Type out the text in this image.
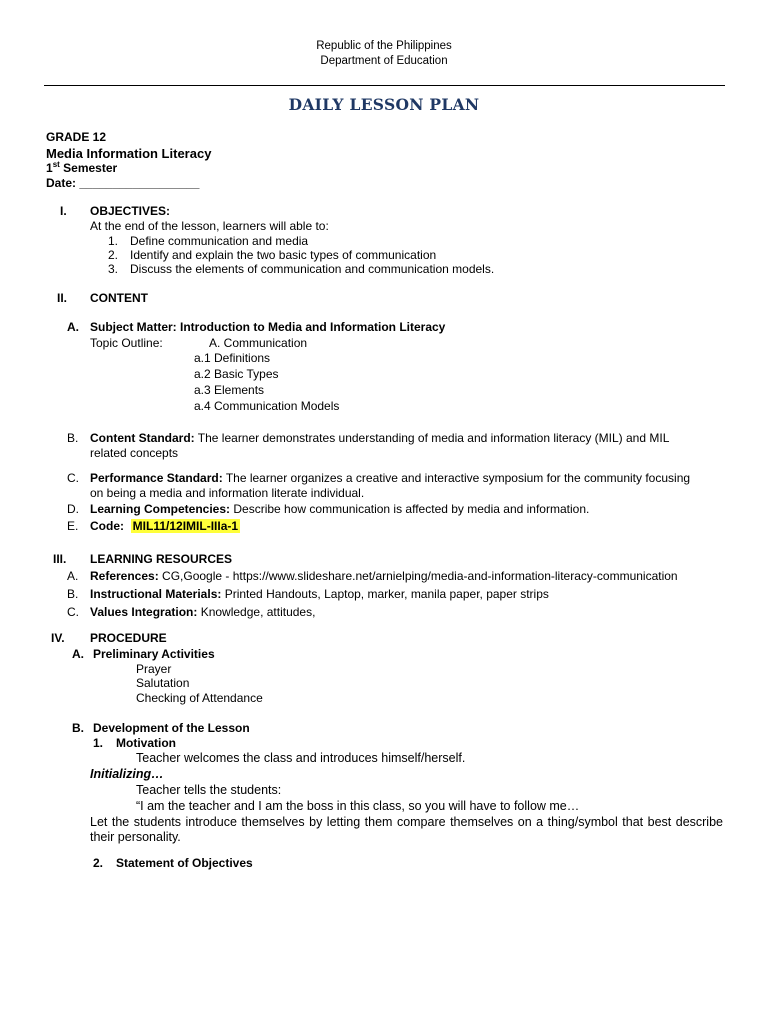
Republic of the Philippines
Department of Education
DAILY LESSON PLAN
GRADE 12
Media Information Literacy
1st Semester
Date: __________________
I. OBJECTIVES:
At the end of the lesson, learners will able to:
1. Define communication and media
2. Identify and explain the two basic types of communication
3. Discuss the elements of communication and communication models.
II. CONTENT
A. Subject Matter: Introduction to Media and Information Literacy
Topic Outline:	A. Communication
a.1 Definitions
a.2 Basic Types
a.3 Elements
a.4 Communication Models
B. Content Standard: The learner demonstrates understanding of media and information literacy (MIL) and MIL
related concepts
C. Performance Standard: The learner organizes a creative and interactive symposium for the community focusing
on being a media and information literate individual.
D. Learning Competencies: Describe how communication is affected by media and information.
E. Code: MIL11/12IMIL-IIIa-1
III. LEARNING RESOURCES
A. References: CG,Google - https://www.slideshare.net/arnielping/media-and-information-literacy-communication
B. Instructional Materials: Printed Handouts, Laptop, marker, manila paper, paper strips
C. Values Integration: Knowledge, attitudes,
IV. PROCEDURE
A. Preliminary Activities
Prayer
Salutation
Checking of Attendance
B. Development of the Lesson
1. Motivation
Teacher welcomes the class and introduces himself/herself.
Initializing…
Teacher tells the students:
“I am the teacher and I am the boss in this class, so you will have to follow me…
Let the students introduce themselves by letting them compare themselves on a thing/symbol that best describe their personality.
2. Statement of Objectives
